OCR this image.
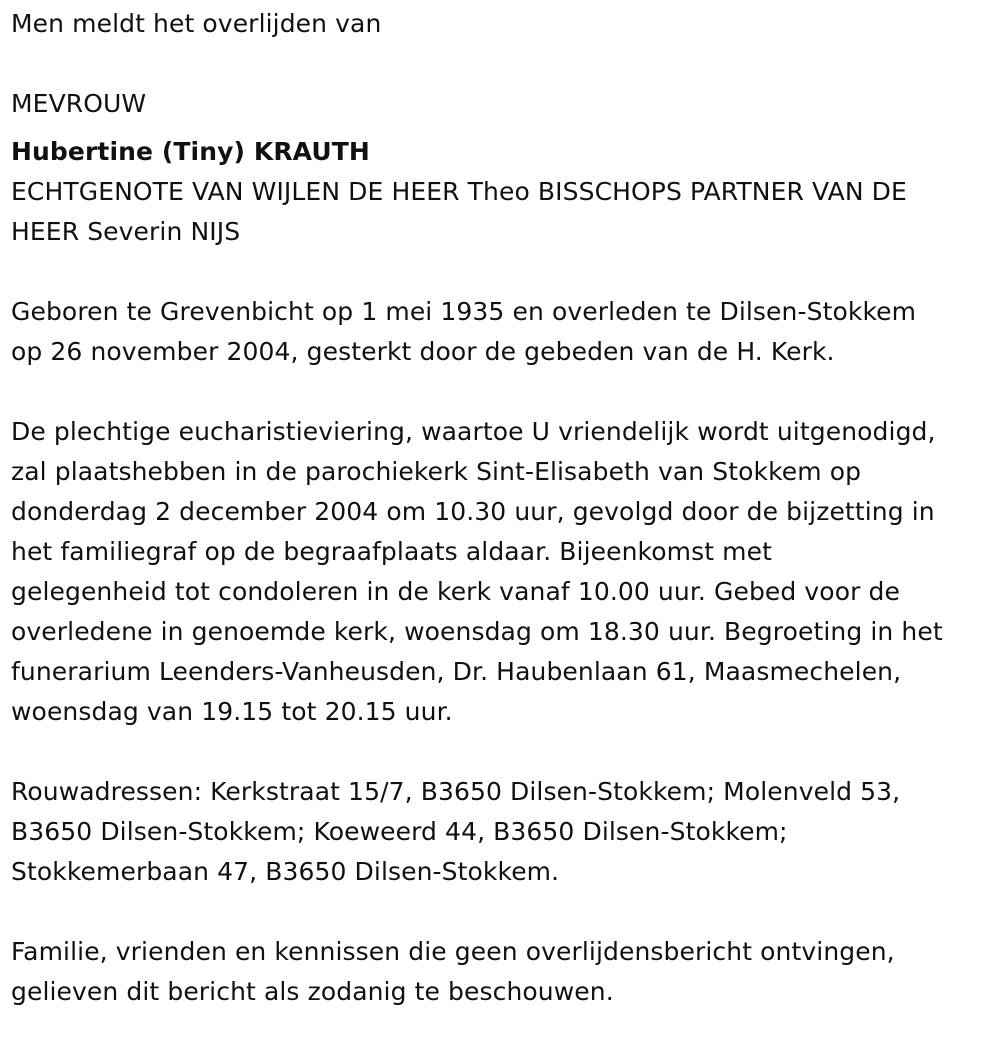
Men meldt het overlijden van
MEVROUW
Hubertine (Tiny) KRAUTH
ECHTGENOTE VAN WIJLEN DE HEER Theo BISSCHOPS PARTNER VAN DE
HEER Severin NIJS
Geboren te Grevenbicht op 1 mei 1935 en overleden te Dilsen-Stokkem
op 26 november 2004, gesterkt door de gebeden van de H. Kerk.
De plechtige eucharistieviering, waartoe U vriendelijk wordt uitgenodigd,
zal plaatshebben in de parochiekerk Sint-Elisabeth van Stokkem op
donderdag 2 december 2004 om 10.30 uur, gevolgd door de bijzetting in
het familiegraf op de begraafplaats aldaar. Bijeenkomst met
gelegenheid tot condoleren in de kerk vanaf 10.00 uur. Gebed voor de
overledene in genoemde kerk, woensdag om 18.30 uur. Begroeting in het
funerarium Leenders-Vanheusden, Dr. Haubenlaan 61, Maasmechelen,
woensdag van 19.15 tot 20.15 uur.
Rouwadressen: Kerkstraat 15/7, B3650 Dilsen-Stokkem; Molenveld 53,
B3650 Dilsen-Stokkem; Koeweerd 44, B3650 Dilsen-Stokkem;
Stokkemerbaan 47, B3650 Dilsen-Stokkem.
Familie, vrienden en kennissen die geen overlijdensbericht ontvingen,
gelieven dit bericht als zodanig te beschouwen.
